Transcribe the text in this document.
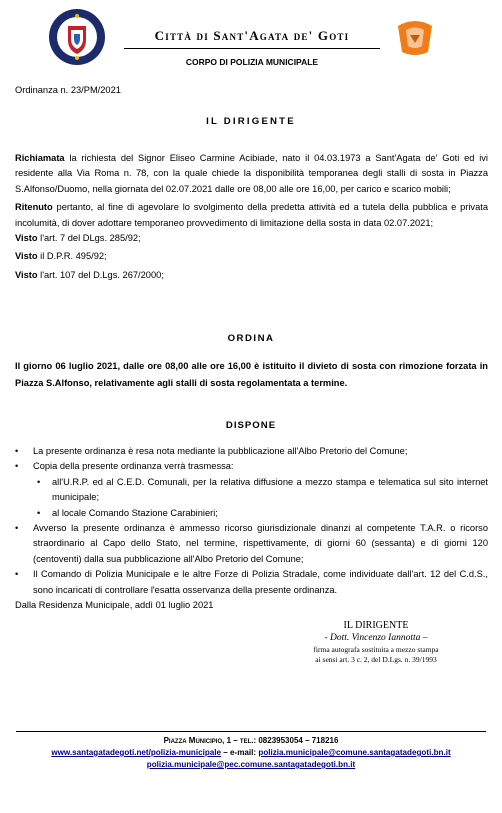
Città di Sant'Agata de' Goti
CORPO DI POLIZIA MUNICIPALE
Ordinanza n. 23/PM/2021
IL DIRIGENTE

Richiamata la richiesta del Signor Eliseo Carmine Acibiade, nato il 04.03.1973 a Sant'Agata de' Goti ed ivi residente alla Via Roma n. 78, con la quale chiede la disponibilità temporanea degli stalli di sosta in Piazza S.Alfonso/Duomo, nella giornata del 02.07.2021 dalle ore 08,00 alle ore 16,00, per carico e scarico mobili;

Ritenuto pertanto, al fine di agevolare lo svolgimento della predetta attività ed a tutela della pubblica e privata incolumità, di dover adottare temporaneo provvedimento di limitazione della sosta in data 02.07.2021;

Visto l'art. 7 del DLgs. 285/92;

Visto il D.P.R. 495/92;

Visto l'art. 107 del D.Lgs. 267/2000;

ORDINA

Il giorno 06 luglio 2021, dalle ore 08,00 alle ore 16,00 è istituito il divieto di sosta con rimozione forzata in Piazza S.Alfonso, relativamente agli stalli di sosta regolamentata a termine.

DISPONE
• La presente ordinanza è resa nota mediante la pubblicazione all'Albo Pretorio del Comune;
• Copia della presente ordinanza verrà trasmessa:
• all'U.R.P. ed al C.E.D. Comunali, per la relativa diffusione a mezzo stampa e telematica sul sito internet municipale;
• al locale Comando Stazione Carabinieri;
• Avverso la presente ordinanza è ammesso ricorso giurisdizionale dinanzi al competente T.A.R. o ricorso straordinario al Capo dello Stato, nel termine, rispettivamente, di giorni 60 (sessanta) e di giorni 120 (centoventi) dalla sua pubblicazione all'Albo Pretorio del Comune;
• Il Comando di Polizia Municipale e le altre Forze di Polizia Stradale, come individuate dall'art. 12 del C.d.S., sono incaricati di controllare l'esatta osservanza della presente ordinanza.

Dalla Residenza Municipale, addì 01 luglio 2021

IL DIRIGENTE
- Dott. Vincenzo Iannotta –
firma autografa sostituita a mezzo stampa
ai sensi art. 3 c. 2, del D.Lgs. n. 39/1993
Piazza Municipio, 1 – tel.: 0823953054 – 718216
www.santagatadegoti.net/polizia-municipale – e-mail: polizia.municipale@comune.santagatadegoti.bn.it
polizia.municipale@pec.comune.santagatadegoti.bn.it
